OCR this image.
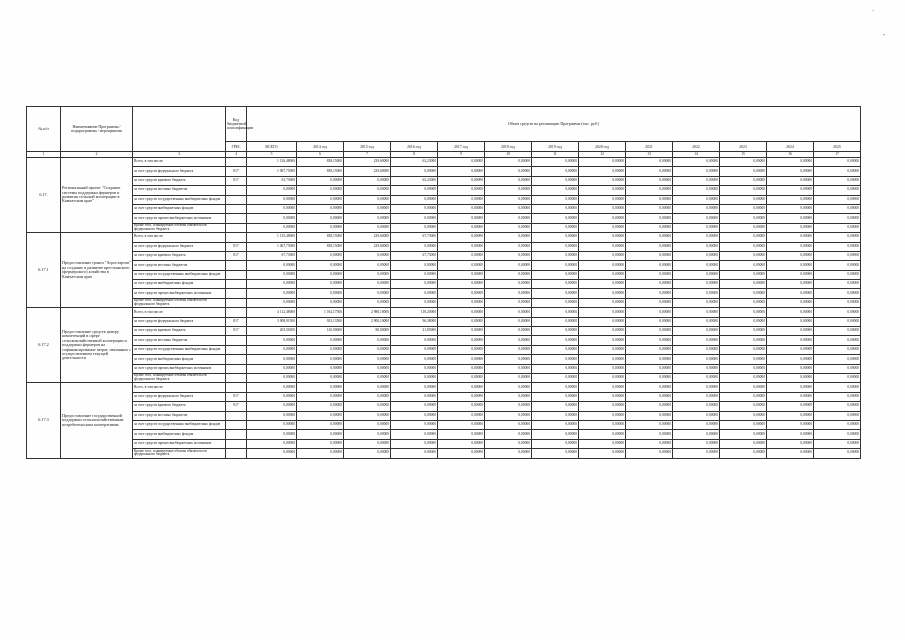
-
"
№ п/п	Наименование Программы / подпрограммы / мероприятия		Код бюджетной классификации	Объем средств на реализацию Программы (тыс. руб.)												
			ГРБС	ВСЕГО	2014 год	2015 год	2016 год	2017 год	2018 год	2019 год	2020 год	2021	2022	2023	2024	2025
1	2	3	4	5	6	7	8	9	10	11	12	13	14	15	16	17
6.17.	Региональный проект "Создание системы поддержки фермеров и развития сельской кооперации в Камчатском крае"	Всего, в том числе:		1 126,48000	838,15000	229,60000	63,23000	0,00000	0,00000	0,00000	0,00000	0,00000	0,00000	0,00000	0,00000	0,00000
		за счет средств федерального бюджета	817	1 067,75000	838,15000	229,60000	0,00000	0,00000	0,00000	0,00000	0,00000	0,00000	0,00000	0,00000	0,00000	0,00000
		за счет средств краевого бюджета	817	63,73000	0,00000	0,00000	63,23000	0,00000	0,00000	0,00000	0,00000	0,00000	0,00000	0,00000	0,00000	0,00000
		за счет средств местных бюджетов		0,00000	0,00000	0,00000	0,00000	0,00000	0,00000	0,00000	0,00000	0,00000	0,00000	0,00000	0,00000	0,00000
		за счет средств государственных внебюджетных фондов		0,00000	0,00000	0,00000	0,00000	0,00000	0,00000	0,00000	0,00000	0,00000	0,00000	0,00000	0,00000	0,00000
		за счет средств внебюджетных фондов		0,00000	0,00000	0,00000	0,00000	0,00000	0,00000	0,00000	0,00000	0,00000	0,00000	0,00000	0,00000	0,00000
		за счет средств прочих внебюджетных источников		0,00000	0,00000	0,00000	0,00000	0,00000	0,00000	0,00000	0,00000	0,00000	0,00000	0,00000	0,00000	0,00000
		Кроме того, планируемые объемы обязательств федерального бюджета		0,00000	0,00000	0,00000	0,00000	0,00000	0,00000	0,00000	0,00000	0,00000	0,00000	0,00000	0,00000	0,00000
6.17.1	Предоставление гранта "Агростартап" на создание и развитие крестьянского (фермерского) хозяйства в Камчатском крае	Всего, в том числе:		1 135,48000	838,15000	229,60000	67,73000	0,00000	0,00000	0,00000	0,00000	0,00000	0,00000	0,00000	0,00000	0,00000
		за счет средств федерального бюджета	817	1 067,75000	838,15000	229,60000	0,00000	0,00000	0,00000	0,00000	0,00000	0,00000	0,00000	0,00000	0,00000	0,00000
		за счет средств краевого бюджета	817	67,73000	0,00000	0,00000	67,73000	0,00000	0,00000	0,00000	0,00000	0,00000	0,00000	0,00000	0,00000	0,00000
		за счет средств местных бюджетов		0,00000	0,00000	0,00000	0,00000	0,00000	0,00000	0,00000	0,00000	0,00000	0,00000	0,00000	0,00000	0,00000
		за счет средств государственных внебюджетных фондов		0,00000	0,00000	0,00000	0,00000	0,00000	0,00000	0,00000	0,00000	0,00000	0,00000	0,00000	0,00000	0,00000
		за счет средств внебюджетных фондов		0,00000	0,00000	0,00000	0,00000	0,00000	0,00000	0,00000	0,00000	0,00000	0,00000	0,00000	0,00000	0,00000
		за счет средств прочих внебюджетных источников		0,00000	0,00000	0,00000	0,00000	0,00000	0,00000	0,00000	0,00000	0,00000	0,00000	0,00000	0,00000	0,00000
		Кроме того, планируемые объемы обязательств федерального бюджета		0,00000	0,00000	0,00000	0,00000	0,00000	0,00000	0,00000	0,00000	0,00000	0,00000	0,00000	0,00000	0,00000
6.17.2	Предоставление средств центру компетенций в сфере сельскохозяйственной кооперации и поддержки фермеров на софинансирование затрат, связанных с осуществлением текущей деятельности	Всего, в том числе:		4 112,48000	1 014,17500	2 980,10000	118,20000	0,00000	0,00000	0,00000	0,00000	0,00000	0,00000	0,00000	0,00000	0,00000
		за счет средств федерального бюджета	817	3 908,91500	923,13500	2 900,10000	96,38000	0,00000	0,00000	0,00000	0,00000	0,00000	0,00000	0,00000	0,00000	0,00000
		за счет средств краевого бюджета	817	203,56500	120,00000	80,00000	21,83000	0,00000	0,00000	0,00000	0,00000	0,00000	0,00000	0,00000	0,00000	0,00000
		за счет средств местных бюджетов		0,00000	0,00000	0,00000	0,00000	0,00000	0,00000	0,00000	0,00000	0,00000	0,00000	0,00000	0,00000	0,00000
		за счет средств государственных внебюджетных фондов		0,00000	0,00000	0,00000	0,00000	0,00000	0,00000	0,00000	0,00000	0,00000	0,00000	0,00000	0,00000	0,00000
		за счет средств внебюджетных фондов		0,00000	0,00000	0,00000	0,00000	0,00000	0,00000	0,00000	0,00000	0,00000	0,00000	0,00000	0,00000	0,00000
		за счет средств прочих внебюджетных источников		0,00000	0,00000	0,00000	0,00000	0,00000	0,00000	0,00000	0,00000	0,00000	0,00000	0,00000	0,00000	0,00000
		Кроме того, планируемые объемы обязательств федерального бюджета		0,00000	0,00000	0,00000	0,00000	0,00000	0,00000	0,00000	0,00000	0,00000	0,00000	0,00000	0,00000	0,00000
6.17.3	Предоставление государственной поддержки сельскохозяйственным потребительским кооперативам	Всего, в том числе:		0,00000	0,00000	0,00000	0,00000	0,00000	0,00000	0,00000	0,00000	0,00000	0,00000	0,00000	0,00000	0,00000
		за счет средств федерального бюджета	817	0,00000	0,00000	0,00000	0,00000	0,00000	0,00000	0,00000	0,00000	0,00000	0,00000	0,00000	0,00000	0,00000
		за счет средств краевого бюджета	817	0,00000	0,00000	0,00000	0,00000	0,00000	0,00000	0,00000	0,00000	0,00000	0,00000	0,00000	0,00000	0,00000
		за счет средств местных бюджетов		0,00000	0,00000	0,00000	0,00000	0,00000	0,00000	0,00000	0,00000	0,00000	0,00000	0,00000	0,00000	0,00000
		за счет средств государственных внебюджетных фондов		0,00000	0,00000	0,00000	0,00000	0,00000	0,00000	0,00000	0,00000	0,00000	0,00000	0,00000	0,00000	0,00000
		за счет средств внебюджетных фондов		0,00000	0,00000	0,00000	0,00000	0,00000	0,00000	0,00000	0,00000	0,00000	0,00000	0,00000	0,00000	0,00000
		за счет средств прочих внебюджетных источников		0,00000	0,00000	0,00000	0,00000	0,00000	0,00000	0,00000	0,00000	0,00000	0,00000	0,00000	0,00000	0,00000
		Кроме того, планируемые объемы обязательств федерального бюджета		0,00000	0,00000	0,00000	0,00000	0,00000	0,00000	0,00000	0,00000	0,00000	0,00000	0,00000	0,00000	0,00000
